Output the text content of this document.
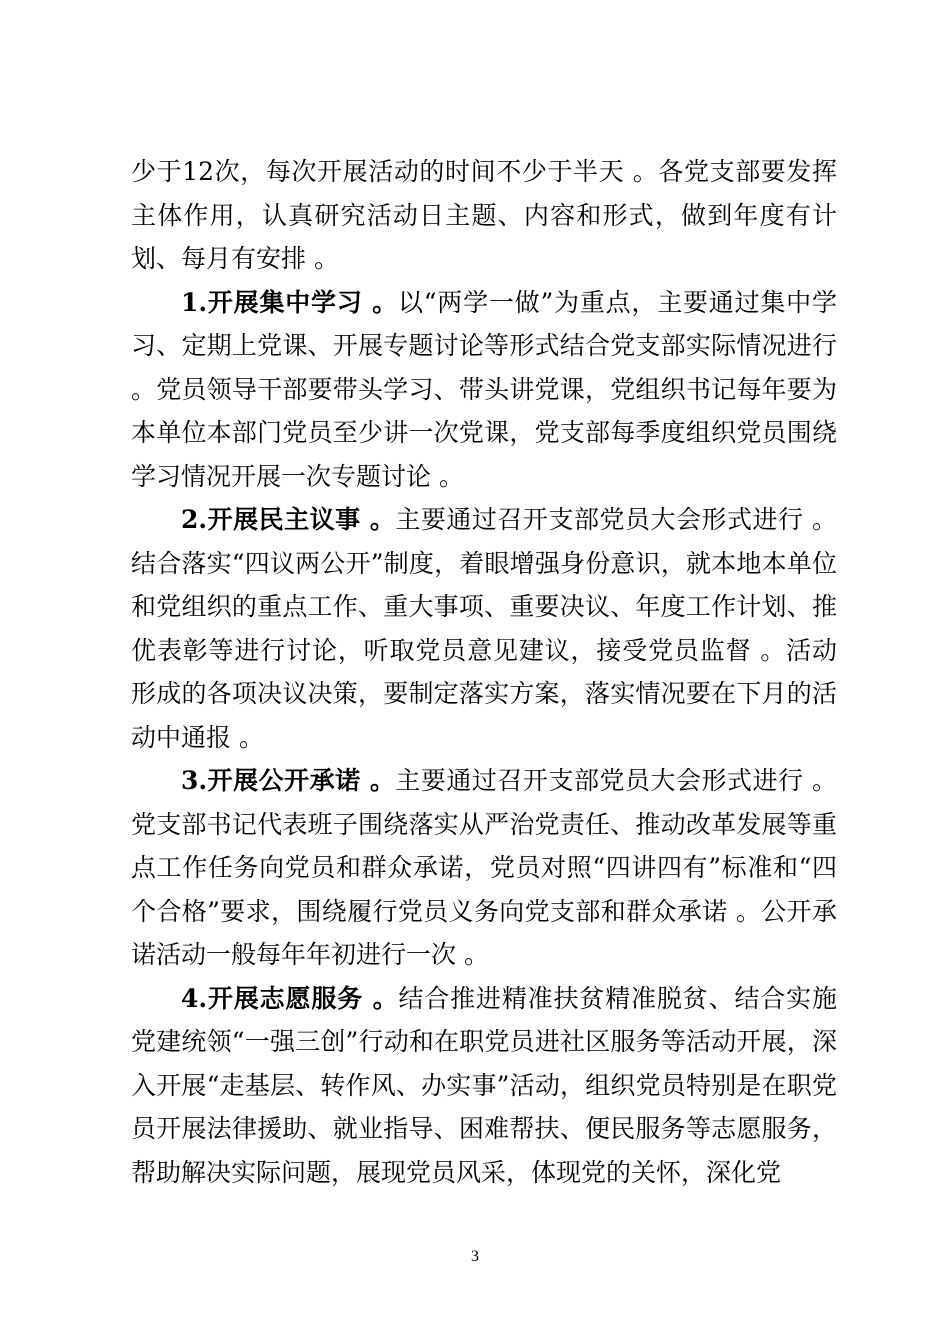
少于12次，每次开展活动的时间不少于半天 。各党支部要发挥主体作用，认真研究活动日主题、内容和形式，做到年度有计划、每月有安排 。

1.开展集中学习 。以“两学一做”为重点，主要通过集中学习、定期上党课、开展专题讨论等形式结合党支部实际情况进行 。党员领导干部要带头学习、带头讲党课，党组织书记每年要为本单位本部门党员至少讲一次党课，党支部每季度组织党员围绕学习情况开展一次专题讨论 。

2.开展民主议事 。主要通过召开支部党员大会形式进行 。结合落实“四议两公开”制度，着眼增强身份意识，就本地本单位和党组织的重点工作、重大事项、重要决议、年度工作计划、推优表彰等进行讨论，听取党员意见建议，接受党员监督 。活动形成的各项决议决策，要制定落实方案，落实情况要在下月的活动中通报 。

3.开展公开承诺 。主要通过召开支部党员大会形式进行 。党支部书记代表班子围绕落实从严治党责任、推动改革发展等重点工作任务向党员和群众承诺，党员对照“四讲四有”标准和“四个合格”要求，围绕履行党员义务向党支部和群众承诺 。公开承诺活动一般每年年初进行一次 。

4.开展志愿服务 。结合推进精准扶贫精准脱贫、结合实施党建统领“一强三创”行动和在职党员进社区服务等活动开展，深入开展“走基层、转作风、办实事”活动，组织党员特别是在职党员开展法律援助、就业指导、困难帮扶、便民服务等志愿服务，帮助解决实际问题，展现党员风采，体现党的关怀，深化党

3
